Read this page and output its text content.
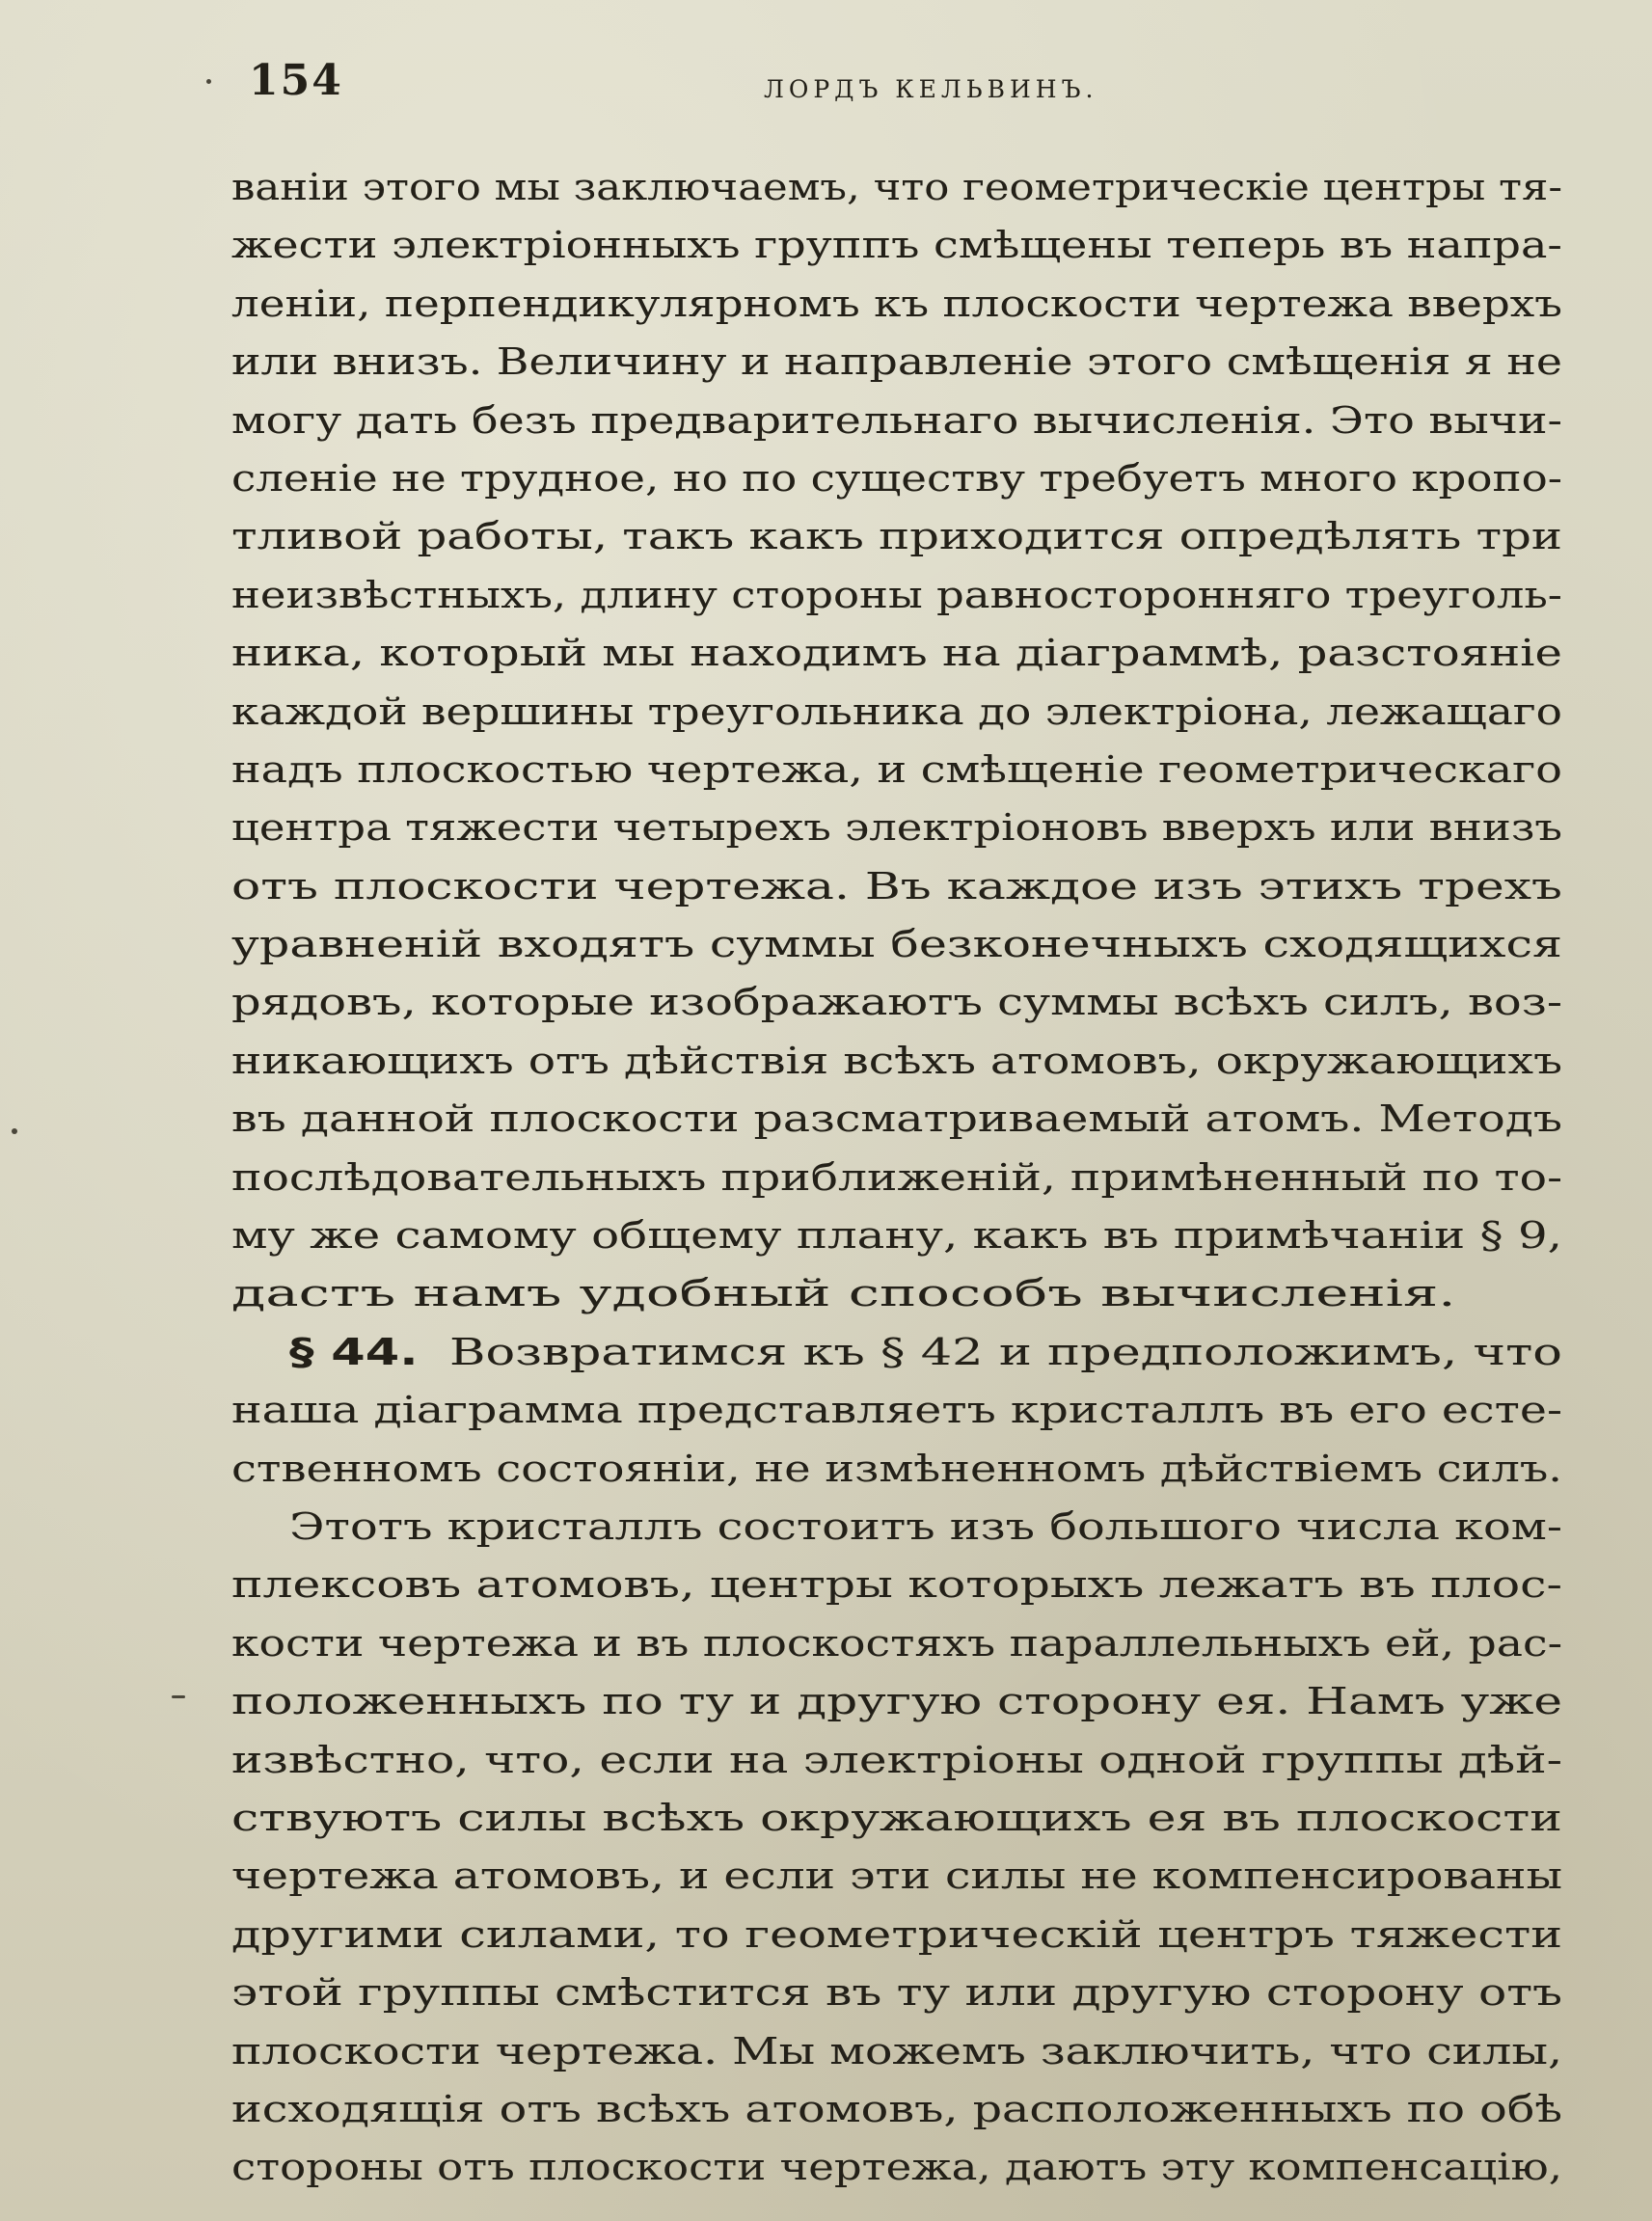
154	ЛОРДЪ КЕЛЬВИНЪ.
ваніи этого мы заключаемъ, что геометрическіе центры тя-
жести электріонныхъ группъ смѣщены теперь въ напра-
леніи, перпендикулярномъ къ плоскости чертежа вверхъ
или внизъ. Величину и направленіе этого смѣщенія я не
могу дать безъ предварительнаго вычисленія. Это вычи-
сленіе не трудное, но по существу требуетъ много кропо-
тливой работы, такъ какъ приходится опредѣлять три
неизвѣстныхъ, длину стороны равносторонняго треуголь-
ника, который мы находимъ на діаграммѣ, разстояніе
каждой вершины треугольника до электріона, лежащаго
надъ плоскостью чертежа, и смѣщеніе геометрическаго
центра тяжести четырехъ электріоновъ вверхъ или внизъ
отъ плоскости чертежа. Въ каждое изъ этихъ трехъ
уравненій входятъ суммы безконечныхъ сходящихся
рядовъ, которые изображаютъ суммы всѣхъ силъ, воз-
никающихъ отъ дѣйствія всѣхъ атомовъ, окружающихъ
въ данной плоскости разсматриваемый атомъ. Методъ
послѣдовательныхъ приближеній, примѣненный по то-
му же самому общему плану, какъ въ примѣчаніи § 9,
дастъ намъ удобный способъ вычисленія.
§ 44. Возвратимся къ § 42 и предположимъ, что
наша діаграмма представляетъ кристаллъ въ его есте-
ственномъ состояніи, не измѣненномъ дѣйствіемъ силъ.
Этотъ кристаллъ состоитъ изъ большого числа ком-
плексовъ атомовъ, центры которыхъ лежатъ въ плос-
кости чертежа и въ плоскостяхъ параллельныхъ ей, рас-
положенныхъ по ту и другую сторону ея. Намъ уже
извѣстно, что, если на электріоны одной группы дѣй-
ствуютъ силы всѣхъ окружающихъ ея въ плоскости
чертежа атомовъ, и если эти силы не компенсированы
другими силами, то геометрическій центръ тяжести
этой группы смѣстится въ ту или другую сторону отъ
плоскости чертежа. Мы можемъ заключить, что силы,
исходящія отъ всѣхъ атомовъ, расположенныхъ по обѣ
стороны отъ плоскости чертежа, даютъ эту компенсацію,
